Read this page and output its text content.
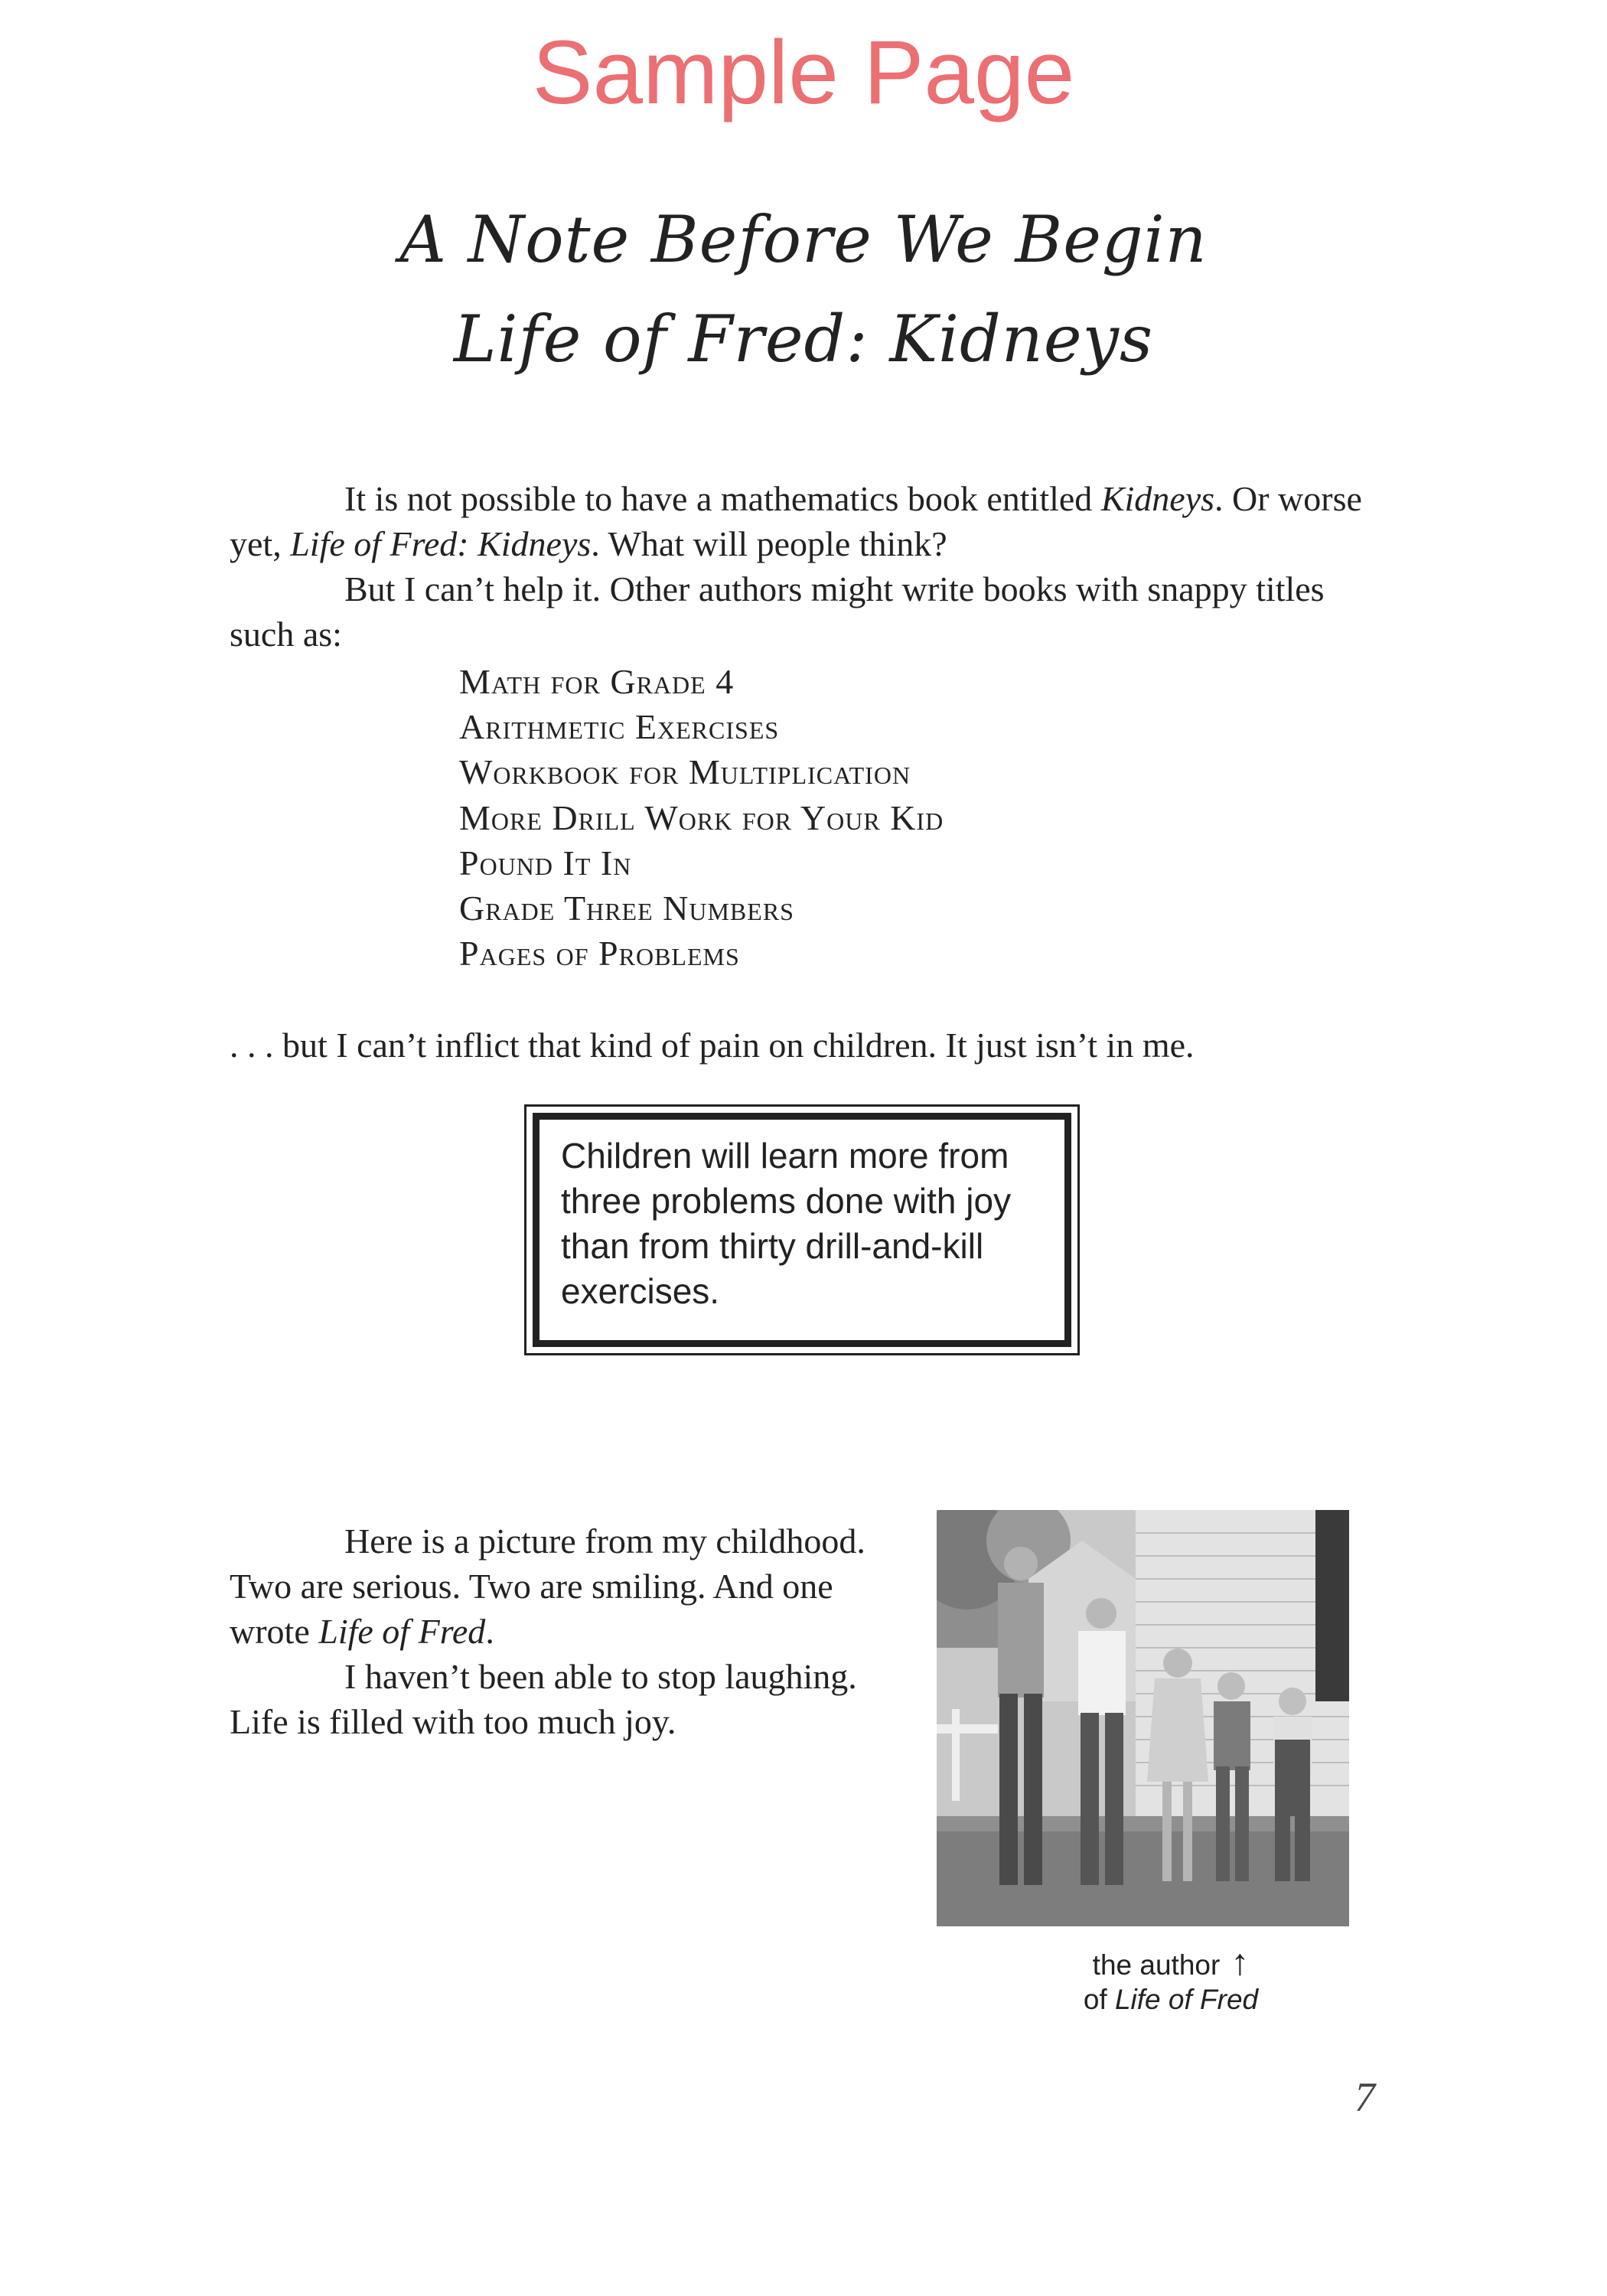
Sample Page
A Note Before We Begin
Life of Fred: Kidneys

It is not possible to have a mathematics book entitled Kidneys. Or worse yet, Life of Fred: Kidneys. What will people think?

But I can’t help it. Other authors might write books with snappy titles such as:

Math for Grade 4
Arithmetic Exercises
Workbook for Multiplication
More Drill Work for Your Kid
Pound It In
Grade Three Numbers
Pages of Problems

. . . but I can’t inflict that kind of pain on children. It just isn’t in me.

Children will learn more from three problems done with joy than from thirty drill-and-kill exercises.

Here is a picture from my childhood. Two are serious. Two are smiling. And one wrote Life of Fred.

I haven’t been able to stop laughing. Life is filled with too much joy.

the author ↑
of Life of Fred
7
